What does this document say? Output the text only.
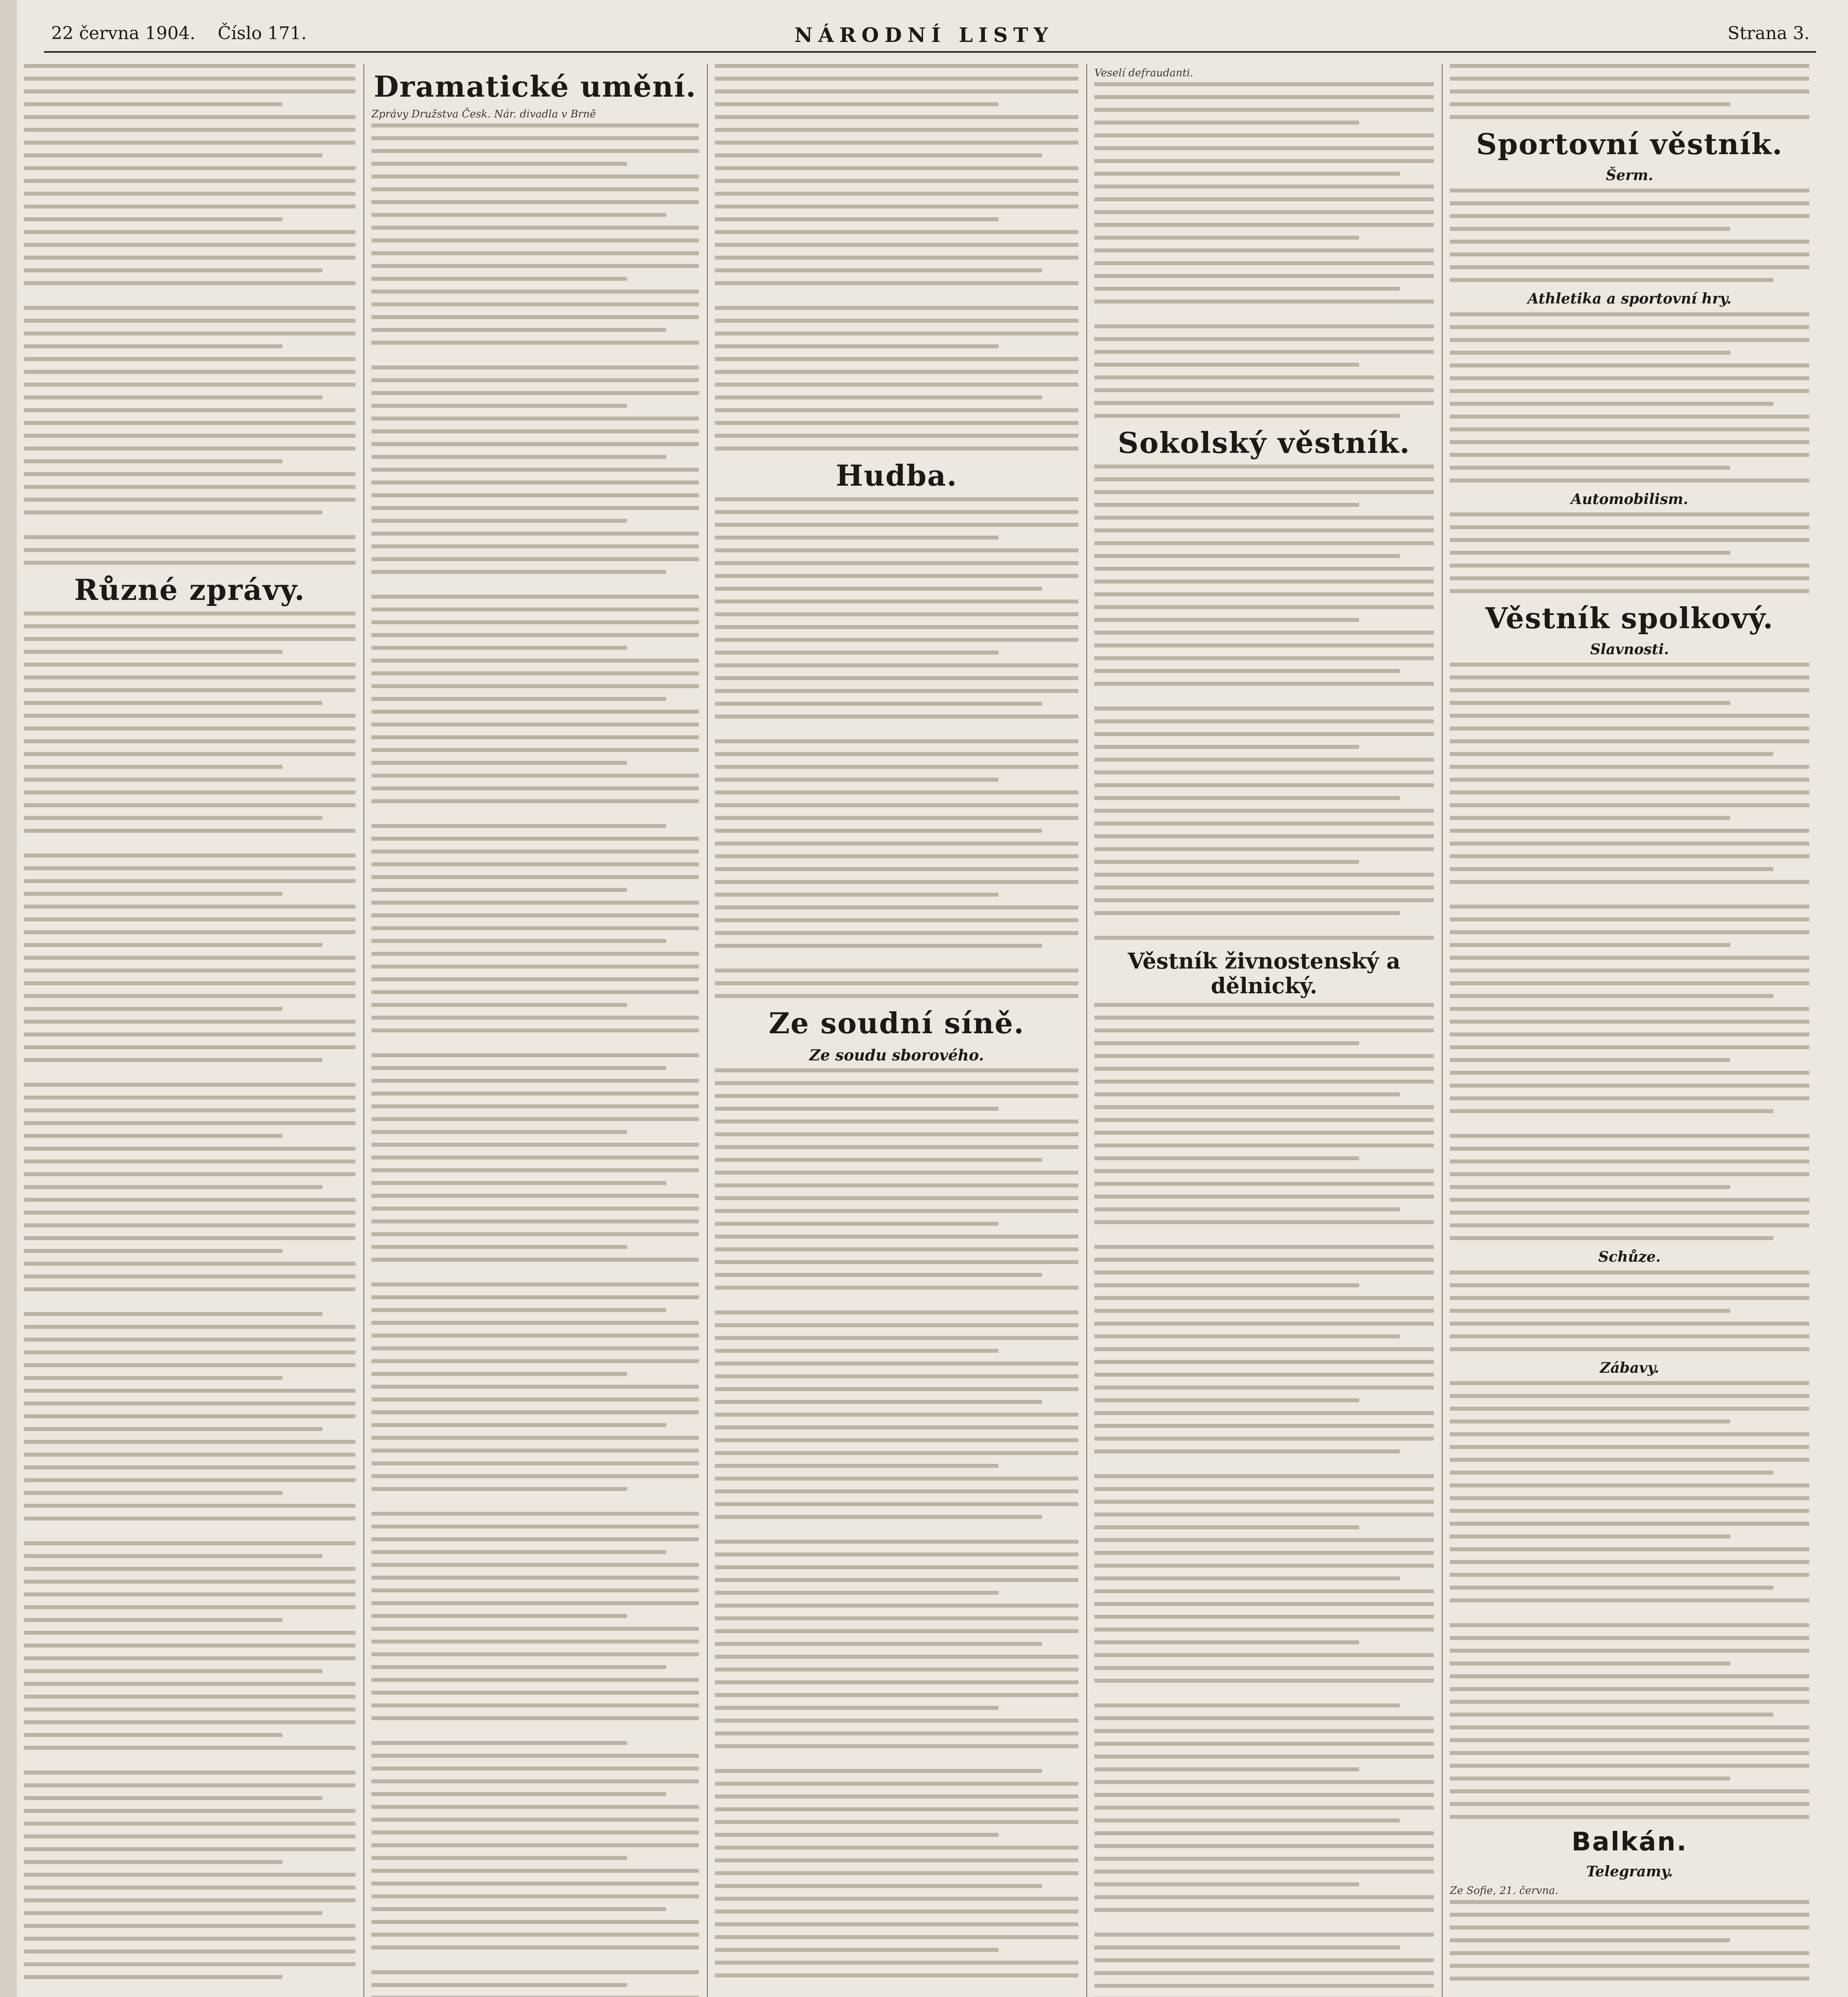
22 června 1904. Číslo 171.	NÁRODNÍ LISTY	Strana 3.
Různé zprávy.
Dramatické umění.
Zprávy Družstva Česk. Nár. divadla v Brně
Hudba.
Ze soudní síně.
Ze soudu sborového.
Veselí defraudanti.
Sokolský věstník.
Věstník živnostenský a dělnický.
Sportovní věstník.
Šerm.
Athletika a sportovní hry.
Automobilism.
Věstník spolkový.
Slavnosti.
Schůze.
Zábavy.
Balkán.
Telegramy.
Ze Sofie, 21. června.
